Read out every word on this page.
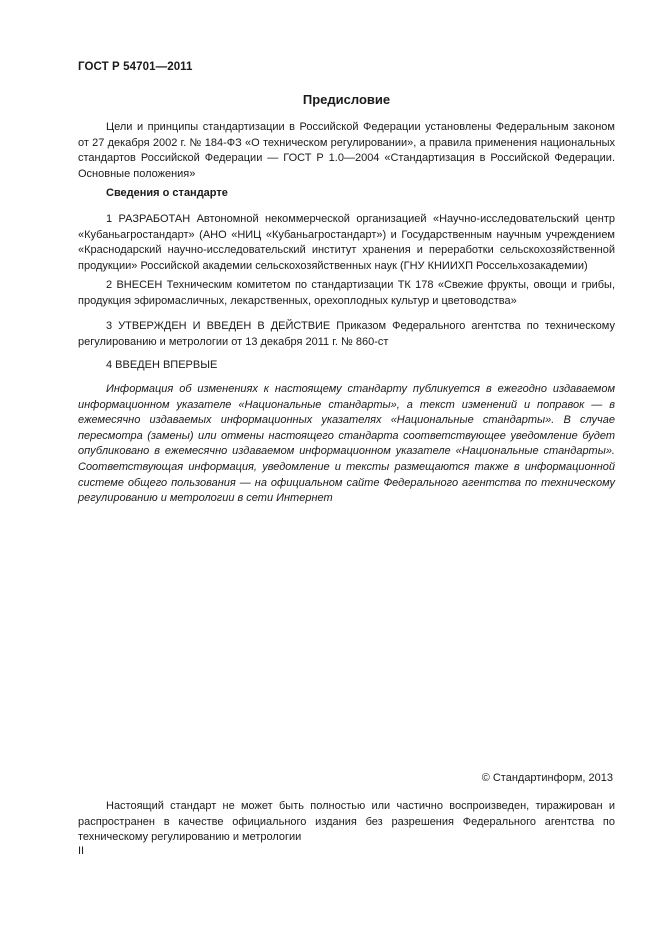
ГОСТ Р 54701—2011
Предисловие

Цели и принципы стандартизации в Российской Федерации установлены Федеральным законом от 27 декабря 2002 г. № 184-ФЗ «О техническом регулировании», а правила применения национальных стандартов Российской Федерации — ГОСТ Р 1.0—2004 «Стандартизация в Российской Федерации. Основные положения»

Сведения о стандарте

1 РАЗРАБОТАН Автономной некоммерческой организацией «Научно-исследовательский центр «Кубаньагростандарт» (АНО «НИЦ «Кубаньагростандарт») и Государственным научным учреждением «Краснодарский научно-исследовательский институт хранения и переработки сельскохозяйственной продукции» Российской академии сельскохозяйственных наук (ГНУ КНИИХП Россельхозакадемии)

2 ВНЕСЕН Техническим комитетом по стандартизации ТК 178 «Свежие фрукты, овощи и грибы, продукция эфиромасличных, лекарственных, орехоплодных культур и цветоводства»

3 УТВЕРЖДЕН И ВВЕДЕН В ДЕЙСТВИЕ Приказом Федерального агентства по техническому регулированию и метрологии от 13 декабря 2011 г. № 860-ст

4 ВВЕДЕН ВПЕРВЫЕ

Информация об изменениях к настоящему стандарту публикуется в ежегодно издаваемом информационном указателе «Национальные стандарты», а текст изменений и поправок — в ежемесячно издаваемых информационных указателях «Национальные стандарты». В случае пересмотра (замены) или отмены настоящего стандарта соответствующее уведомление будет опубликовано в ежемесячно издаваемом информационном указателе «Национальные стандарты». Соответствующая информация, уведомление и тексты размещаются также в информационной системе общего пользования — на официальном сайте Федерального агентства по техническому регулированию и метрологии в сети Интернет

© Стандартинформ, 2013

Настоящий стандарт не может быть полностью или частично воспроизведен, тиражирован и распространен в качестве официального издания без разрешения Федерального агентства по техническому регулированию и метрологии

II
